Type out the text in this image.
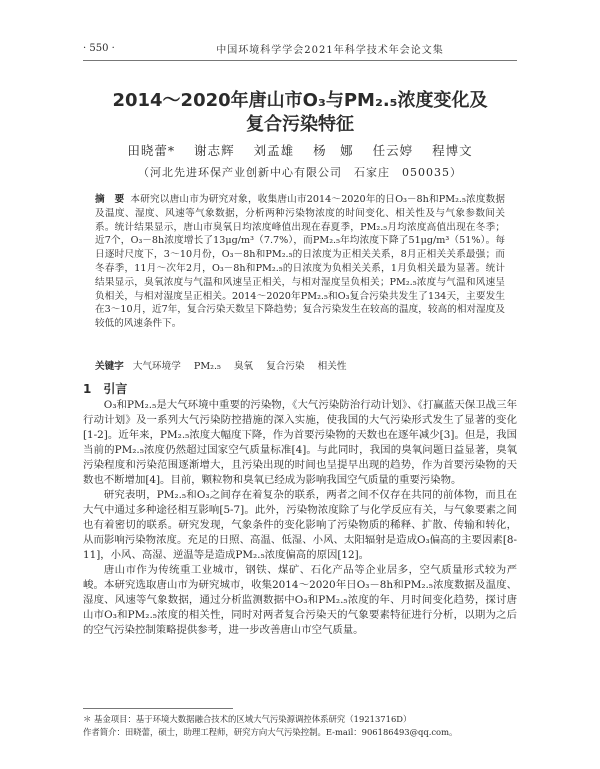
· 550 ·	中国环境科学学会2021年科学技术年会论文集
2014～2020年唐山市O₃与PM₂.₅浓度变化及
复合污染特征
田晓蕾* 谢志辉 刘孟雄 杨　娜 任云婷 程博文
（河北先进环保产业创新中心有限公司　石家庄　050035）
摘　要 本研究以唐山市为研究对象，收集唐山市2014～2020年的日O₃－8h和PM₂.₅浓度数据及温度、湿度、风速等气象数据，分析两种污染物浓度的时间变化、相关性及与气象参数间关系。统计结果显示，唐山市臭氧日均浓度峰值出现在春夏季，PM₂.₅月均浓度高值出现在冬季；近7个，O₃－8h浓度增长了13μg/m³（7.7%），而PM₂.₅年均浓度下降了51μg/m³（51%）。每日逐时尺度下，3～10月份，O₃－8h和PM₂.₅的日浓度为正相关关系，8月正相关关系最强；而冬春季，11月～次年2月，O₃－8h和PM₂.₅的日浓度为负相关关系，1月负相关最为显著。统计结果显示，臭氧浓度与气温和风速呈正相关，与相对湿度呈负相关；PM₂.₅浓度与气温和风速呈负相关，与相对湿度呈正相关。2014～2020年PM₂.₅和O₃复合污染共发生了134天，主要发生在3～10月，近7年，复合污染天数呈下降趋势；复合污染发生在较高的温度，较高的相对湿度及较低的风速条件下。
关键字 大气环境学 PM₂.₅ 臭氧 复合污染 相关性
1 引言

O₃和PM₂.₅是大气环境中重要的污染物，《大气污染防治行动计划》、《打赢蓝天保卫战三年行动计划》及一系列大气污染防控措施的深入实施，使我国的大气污染形式发生了显著的变化[1-2]。近年来，PM₂.₅浓度大幅度下降，作为首要污染物的天数也在逐年减少[3]。但是，我国当前的PM₂.₅浓度仍然超过国家空气质量标准[4]。与此同时，我国的臭氧问题日益显著，臭氧污染程度和污染范围逐渐增大，且污染出现的时间也呈提早出现的趋势，作为首要污染物的天数也不断增加[4]。目前，颗粒物和臭氧已经成为影响我国空气质量的重要污染物。

研究表明，PM₂.₅和O₃之间存在着复杂的联系，两者之间不仅存在共同的前体物，而且在大气中通过多种途径相互影响[5-7]。此外，污染物浓度除了与化学反应有关，与气象要素之间也有着密切的联系。研究发现，气象条件的变化影响了污染物质的稀释、扩散、传输和转化，从而影响污染物浓度。充足的日照、高温、低湿、小风、太阳辐射是造成O₃偏高的主要因素[8-11]，小风、高湿、逆温等是造成PM₂.₅浓度偏高的原因[12]。

唐山市作为传统重工业城市，钢铁、煤矿、石化产品等企业居多，空气质量形式较为严峻。本研究选取唐山市为研究城市，收集2014～2020年日O₃－8h和PM₂.₅浓度数据及温度、湿度、风速等气象数据，通过分析监测数据中O₃和PM₂.₅浓度的年、月时间变化趋势，探讨唐山市O₃和PM₂.₅浓度的相关性，同时对两者复合污染天的气象要素特征进行分析，以期为之后的空气污染控制策略提供参考，进一步改善唐山市空气质量。

＊ 基金项目：基于环境大数据融合技术的区域大气污染源调控体系研究（19213716D）
作者简介：田晓蕾，硕士，助理工程师，研究方向大气污染控制。E-mail：906186493@qq.com。
